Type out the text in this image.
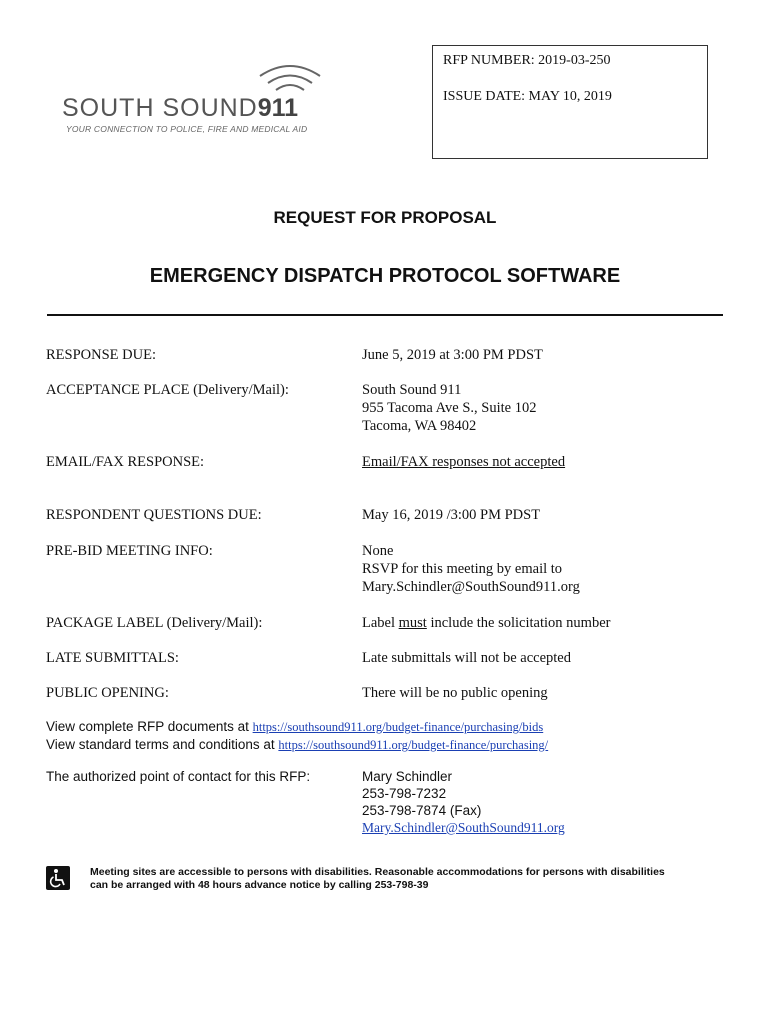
SOUTH SOUND911
YOUR CONNECTION TO POLICE, FIRE AND MEDICAL AID
RFP NUMBER: 2019-03-250
ISSUE DATE: MAY 10, 2019
REQUEST FOR PROPOSAL
EMERGENCY DISPATCH PROTOCOL SOFTWARE
RESPONSE DUE:	June 5, 2019 at 3:00 PM PDST
ACCEPTANCE PLACE (Delivery/Mail):	South Sound 911
955 Tacoma Ave S., Suite 102
Tacoma, WA 98402
EMAIL/FAX RESPONSE:	Email/FAX responses not accepted
RESPONDENT QUESTIONS DUE:	May 16, 2019 /3:00 PM PDST
PRE-BID MEETING INFO:	None
RSVP for this meeting by email to
Mary.Schindler@SouthSound911.org
PACKAGE LABEL (Delivery/Mail):	Label must include the solicitation number
LATE SUBMITTALS:	Late submittals will not be accepted
PUBLIC OPENING:	There will be no public opening
View complete RFP documents at https://southsound911.org/budget-finance/purchasing/bids
View standard terms and conditions at https://southsound911.org/budget-finance/purchasing/
The authorized point of contact for this RFP:	Mary Schindler
253-798-7232
253-798-7874 (Fax)
Mary.Schindler@SouthSound911.org
Meeting sites are accessible to persons with disabilities. Reasonable accommodations for persons with disabilities
can be arranged with 48 hours advance notice by calling 253-798-39
